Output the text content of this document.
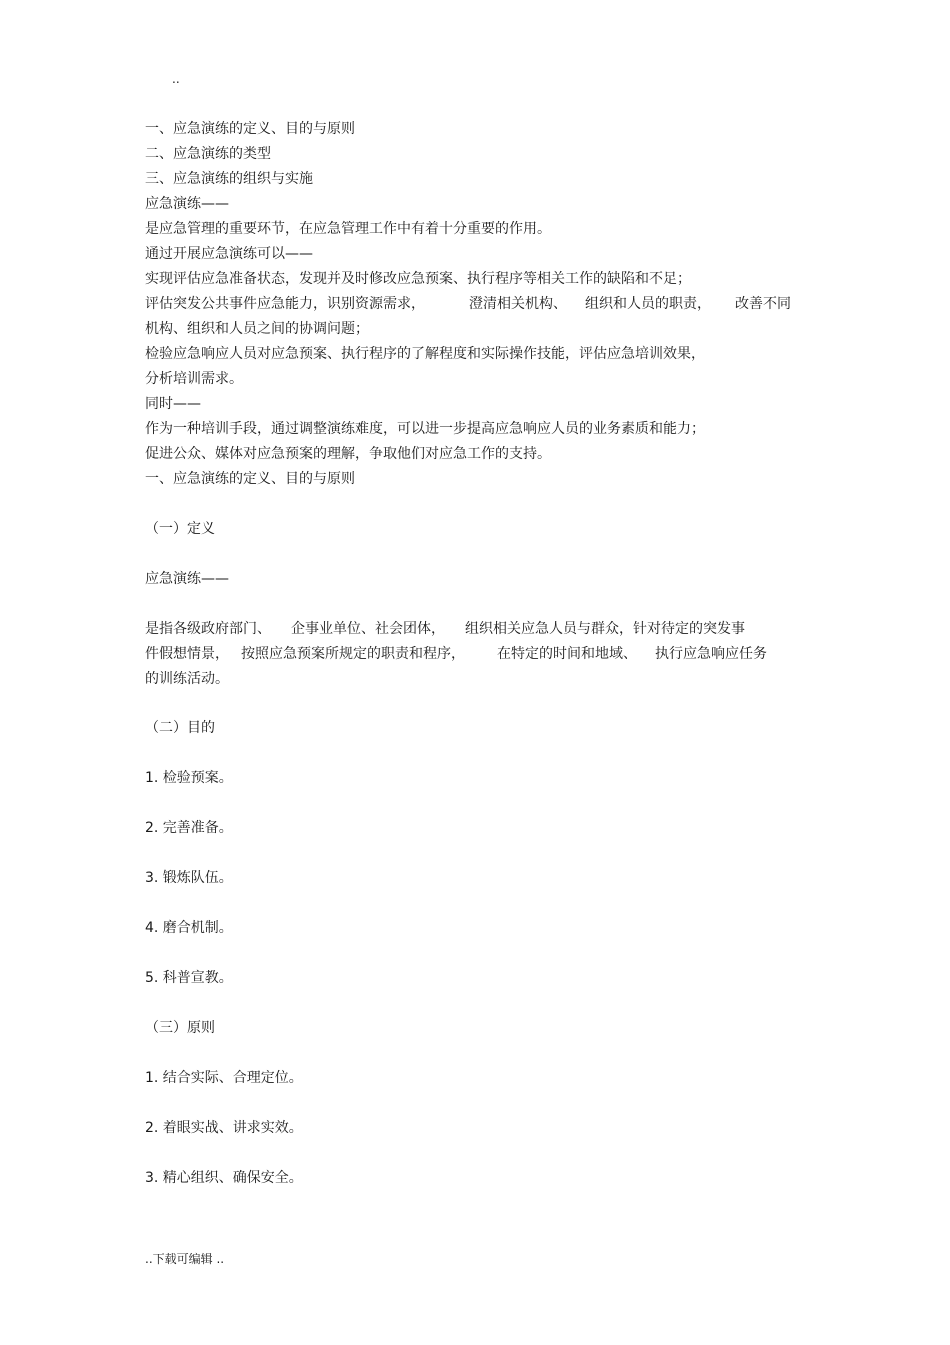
..
一、应急演练的定义、目的与原则
二、应急演练的类型
三、应急演练的组织与实施
应急演练——
是应急管理的重要环节，在应急管理工作中有着十分重要的作用。
通过开展应急演练可以——
实现评估应急准备状态，发现并及时修改应急预案、执行程序等相关工作的缺陷和不足；
评估突发公共事件应急能力，识别资源需求，	澄清相关机构、 组织和人员的职责， 改善不同
机构、组织和人员之间的协调问题；
检验应急响应人员对应急预案、执行程序的了解程度和实际操作技能，评估应急培训效果，
分析培训需求。
同时——
作为一种培训手段，通过调整演练难度，可以进一步提高应急响应人员的业务素质和能力；
促进公众、媒体对应急预案的理解，争取他们对应急工作的支持。
一、应急演练的定义、目的与原则
（一）定义
应急演练——
是指各级政府部门、 企事业单位、社会团体， 组织相关应急人员与群众，针对待定的突发事
件假想情景， 按照应急预案所规定的职责和程序， 在特定的时间和地域、 执行应急响应任务
的训练活动。
（二）目的
1. 检验预案。
2. 完善准备。
3. 锻炼队伍。
4. 磨合机制。
5. 科普宣教。
（三）原则
1. 结合实际、合理定位。
2. 着眼实战、讲求实效。
3. 精心组织、确保安全。
..下载可编辑 ..
